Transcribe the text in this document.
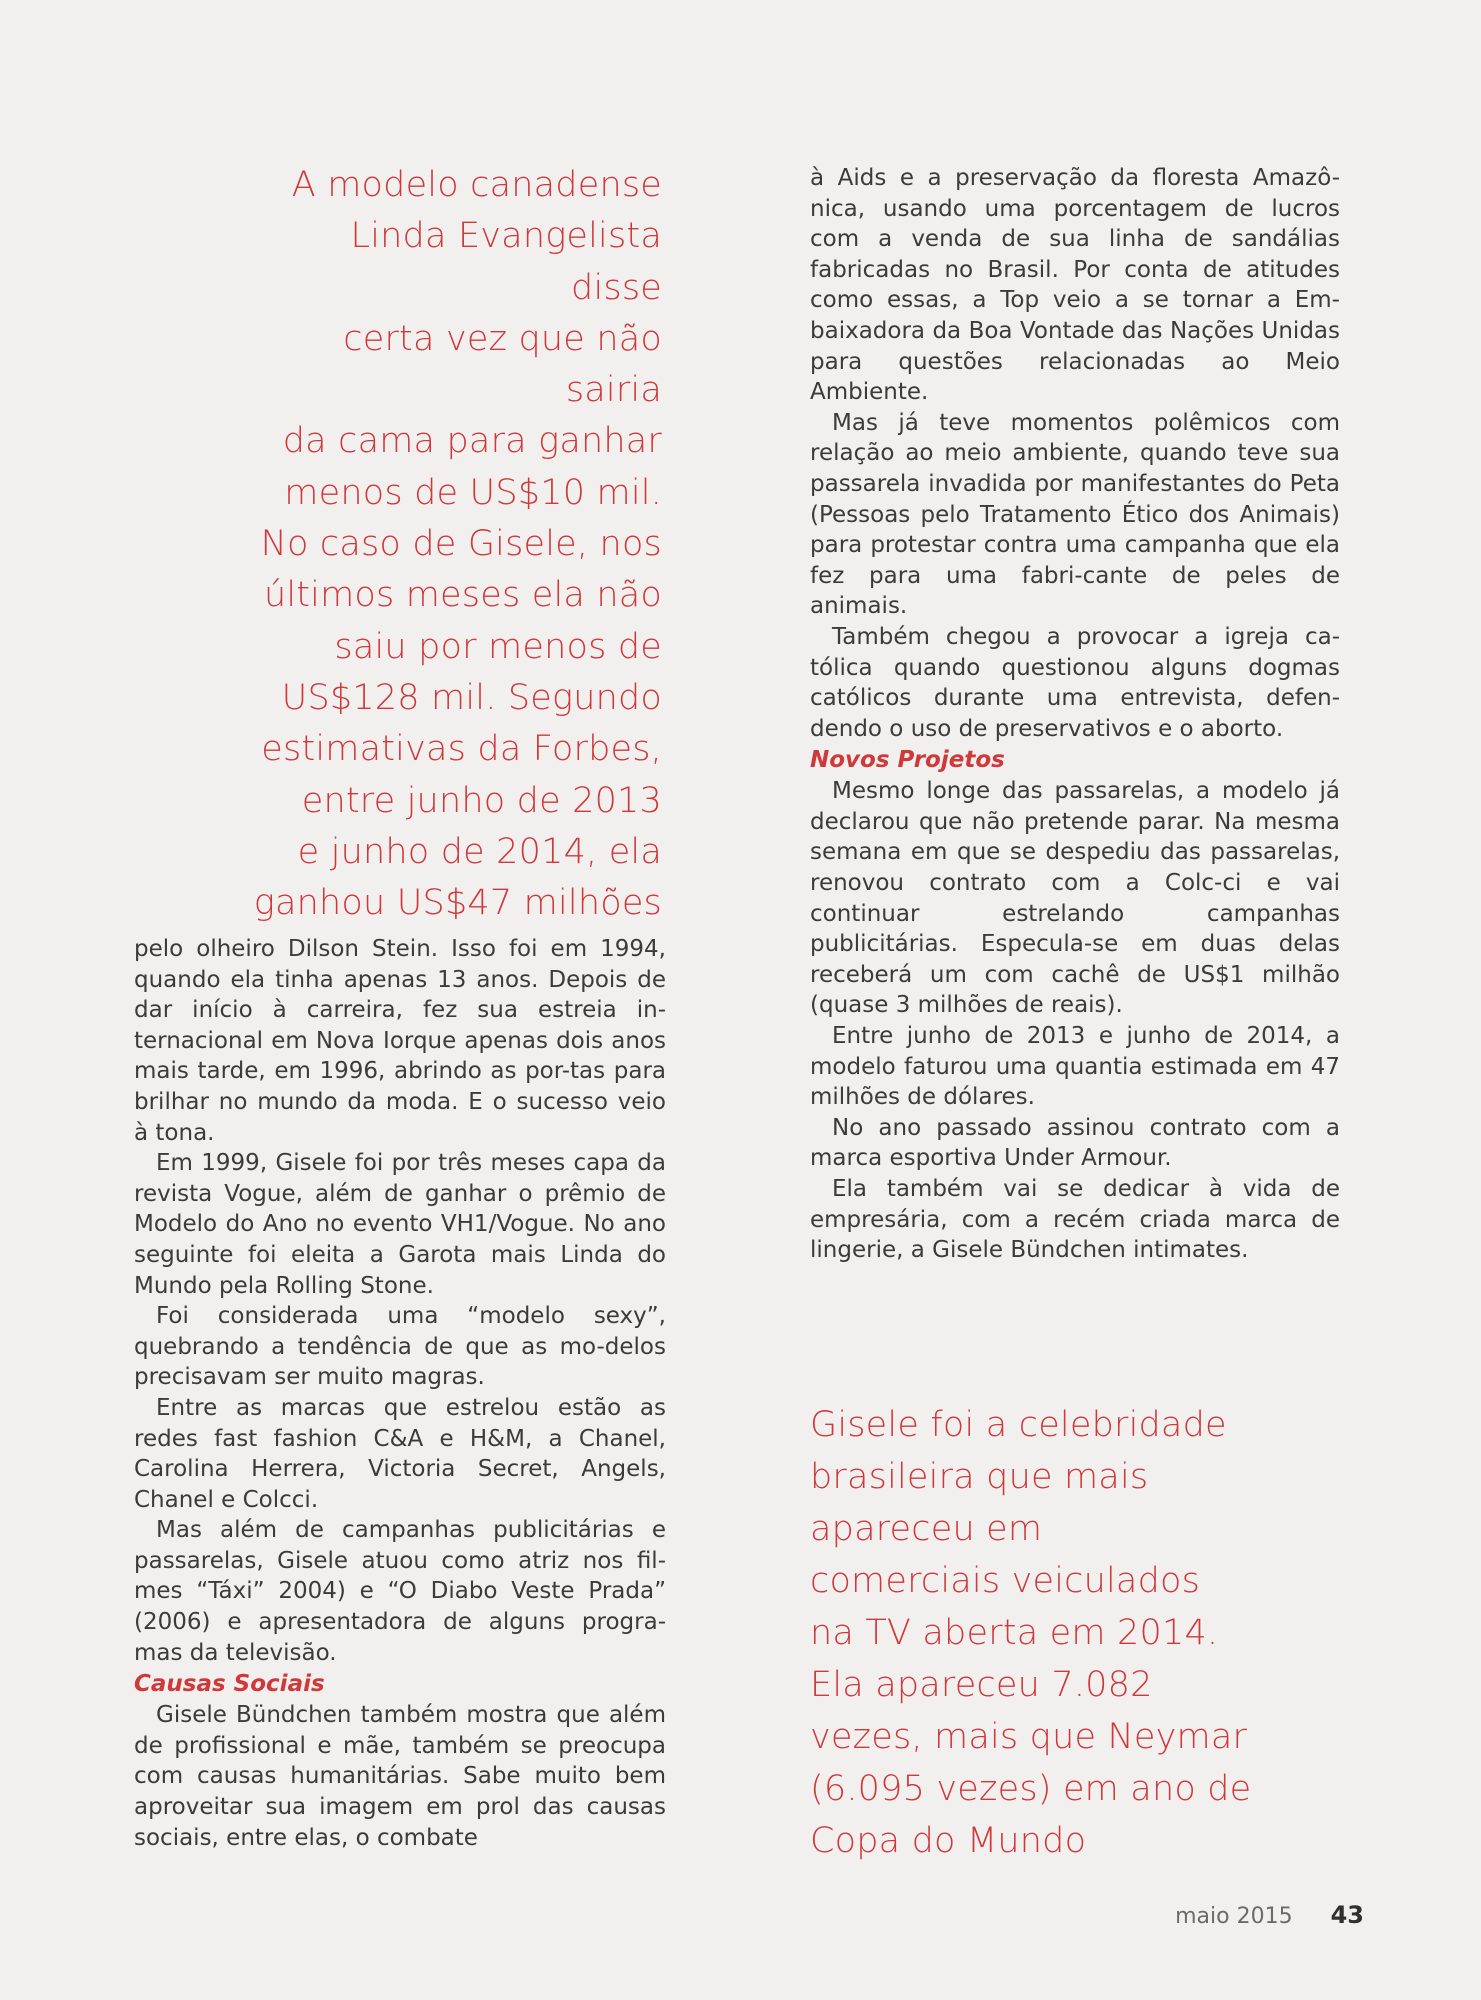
A modelo canadense
Linda Evangelista disse
certa vez que não sairia
da cama para ganhar
menos de US$10 mil.
No caso de Gisele, nos
últimos meses ela não
saiu por menos de
US$128 mil. Segundo
estimativas da Forbes,
entre junho de 2013
e junho de 2014, ela
ganhou US$47 milhões

pelo olheiro Dilson Stein. Isso foi em 1994, quando ela tinha apenas 13 anos. Depois de dar início à carreira, fez sua estreia in-ternacional em Nova Iorque apenas dois anos mais tarde, em 1996, abrindo as por-tas para brilhar no mundo da moda. E o sucesso veio à tona.

Em 1999, Gisele foi por três meses capa da revista Vogue, além de ganhar o prêmio de Modelo do Ano no evento VH1/Vogue. No ano seguinte foi eleita a Garota mais Linda do Mundo pela Rolling Stone.

Foi considerada uma “modelo sexy”, quebrando a tendência de que as mo-delos precisavam ser muito magras.

Entre as marcas que estrelou estão as redes fast fashion C&A e H&M, a Chanel, Carolina Herrera, Victoria Secret, Angels, Chanel e Colcci.

Mas além de campanhas publicitárias e passarelas, Gisele atuou como atriz nos fil-mes “Táxi” 2004) e “O Diabo Veste Prada” (2006) e apresentadora de alguns progra-mas da televisão.

Causas Sociais

Gisele Bündchen também mostra que além de profissional e mãe, também se preocupa com causas humanitárias. Sabe muito bem aproveitar sua imagem em prol das causas sociais, entre elas, o combate

à Aids e a preservação da floresta Amazô-nica, usando uma porcentagem de lucros com a venda de sua linha de sandálias fabricadas no Brasil. Por conta de atitudes como essas, a Top veio a se tornar a Em-baixadora da Boa Vontade das Nações Unidas para questões relacionadas ao Meio Ambiente.

Mas já teve momentos polêmicos com relação ao meio ambiente, quando teve sua passarela invadida por manifestantes do Peta (Pessoas pelo Tratamento Ético dos Animais) para protestar contra uma campanha que ela fez para uma fabri-cante de peles de animais.

Também chegou a provocar a igreja ca-tólica quando questionou alguns dogmas católicos durante uma entrevista, defen-dendo o uso de preservativos e o aborto.

Novos Projetos

Mesmo longe das passarelas, a modelo já declarou que não pretende parar. Na mesma semana em que se despediu das passarelas, renovou contrato com a Colc-ci e vai continuar estrelando campanhas publicitárias. Especula-se em duas delas receberá um com cachê de US$1 milhão (quase 3 milhões de reais).

Entre junho de 2013 e junho de 2014, a modelo faturou uma quantia estimada em 47 milhões de dólares.

No ano passado assinou contrato com a marca esportiva Under Armour.

Ela também vai se dedicar à vida de empresária, com a recém criada marca de lingerie, a Gisele Bündchen intimates.

Gisele foi a celebridade
brasileira que mais
apareceu em
comerciais veiculados
na TV aberta em 2014.
Ela apareceu 7.082
vezes, mais que Neymar
(6.095 vezes) em ano de
Copa do Mundo
maio 2015 43
